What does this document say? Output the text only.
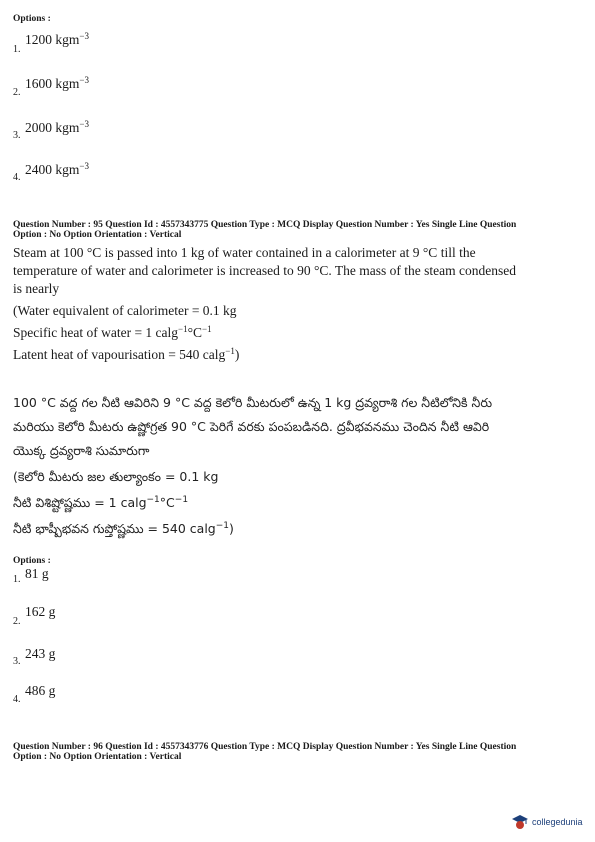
Options :
1.
1200 kgm$^{-3}$
2.
1600 kgm$^{-3}$
3.
2000 kgm$^{-3}$
4.
2400 kgm$^{-3}$
Question Number : 95 Question Id : 4557343775 Question Type : MCQ Display Question Number : Yes Single Line Question
Option : No Option Orientation : Vertical
Steam at 100 °C is passed into 1 kg of water contained in a calorimeter at 9 °C till the
temperature of water and calorimeter is increased to 90 °C. The mass of the steam condensed
is nearly
(Water equivalent of calorimeter = 0.1 kg
Specific heat of water = 1 $calg^{-1}^\circ C^{-1}$
Latent heat of vapourisation = 540 calg$^{-1}$)
100 °C వద్ద గల నీటి ఆవిరిని 9 °C వద్ద కెలోరి మీటరులో ఉన్న 1 kg ద్రవ్యరాశి గల నీటిలోనికి నీరు
మరియు కెలోరి మీటరు ఉష్ణోగ్రత 90 °C పెరిగే వరకు పంపబడినది. ద్రవీభవనము చెందిన నీటి ఆవిరి
యొక్క ద్రవ్యరాశి సుమారుగా
(కెలోరి మీటరు జల తుల్యాంకం = 0.1 kg
నీటి విశిష్టోష్ణము = 1 $calg^{-1}^\circ C^{-1}$
నీటి భాష్పీభవన గుప్తోష్ణము = 540 calg$^{-1}$)
Options :
1. 81 g
2.
162 g
3.
243 g
4.
486 g
Question Number : 96 Question Id : 4557343776 Question Type : MCQ Display Question Number : Yes Single Line Question
Option : No Option Orientation : Vertical
collegedunia
